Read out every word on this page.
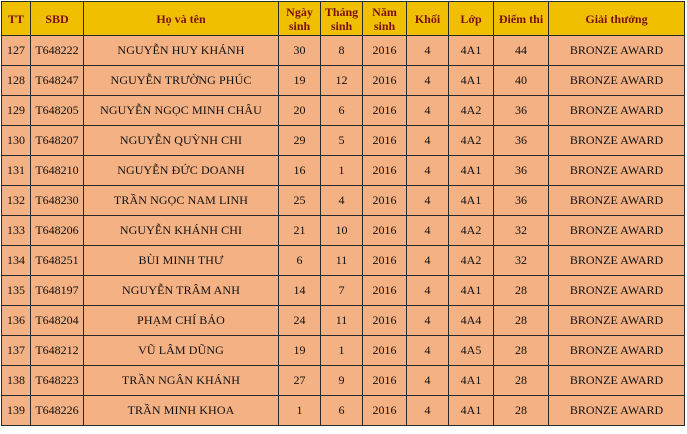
TT	SBD	Họ và tên	Ngày sinh	Tháng sinh	Năm sinh	Khối	Lớp	Điểm thi	Giải thưởng
127	T648222	NGUYỄN HUY KHÁNH	30	8	2016	4	4A1	44	BRONZE AWARD
128	T648247	NGUYỄN TRƯỜNG PHÚC	19	12	2016	4	4A1	40	BRONZE AWARD
129	T648205	NGUYỄN NGỌC MINH CHÂU	20	6	2016	4	4A2	36	BRONZE AWARD
130	T648207	NGUYỄN QUỲNH CHI	29	5	2016	4	4A2	36	BRONZE AWARD
131	T648210	NGUYỄN ĐỨC DOANH	16	1	2016	4	4A1	36	BRONZE AWARD
132	T648230	TRẦN NGỌC NAM LINH	25	4	2016	4	4A1	36	BRONZE AWARD
133	T648206	NGUYỄN KHÁNH CHI	21	10	2016	4	4A2	32	BRONZE AWARD
134	T648251	BÙI MINH THƯ	6	11	2016	4	4A2	32	BRONZE AWARD
135	T648197	NGUYỄN TRÂM ANH	14	7	2016	4	4A1	28	BRONZE AWARD
136	T648204	PHẠM CHÍ BẢO	24	11	2016	4	4A4	28	BRONZE AWARD
137	T648212	VŨ LÂM DŨNG	19	1	2016	4	4A5	28	BRONZE AWARD
138	T648223	TRẦN NGÂN KHÁNH	27	9	2016	4	4A1	28	BRONZE AWARD
139	T648226	TRẦN MINH KHOA	1	6	2016	4	4A1	28	BRONZE AWARD
